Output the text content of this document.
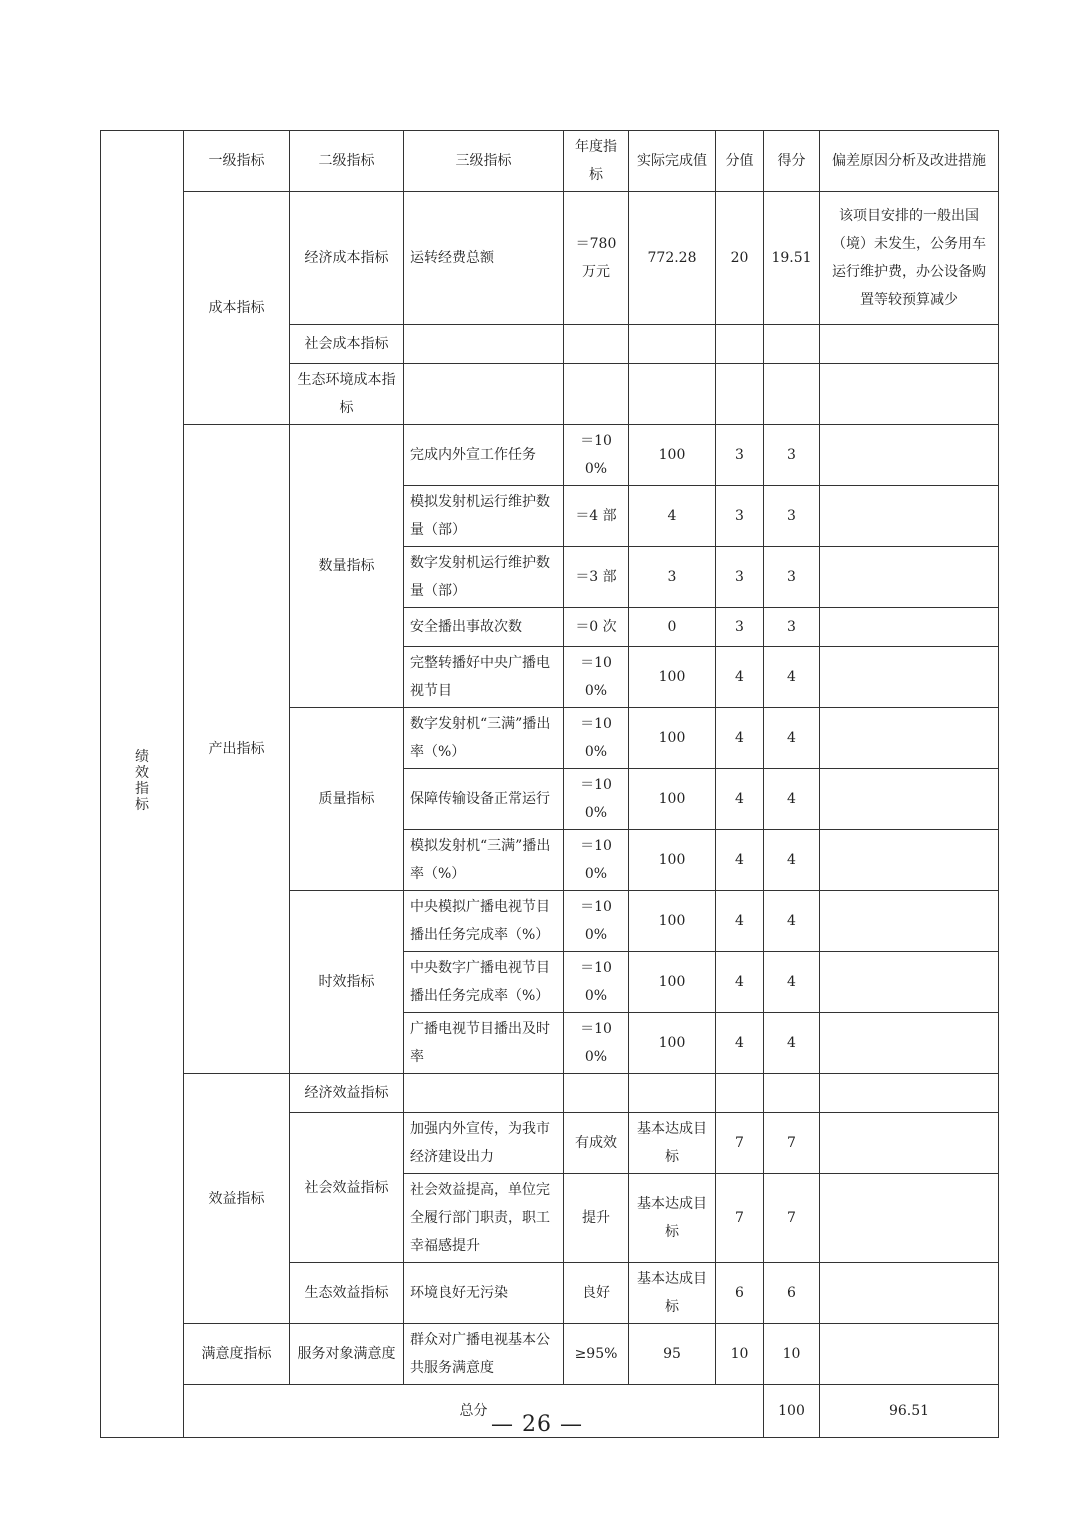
绩效指标	一级指标	二级指标	三级指标	年度指标	实际完成值	分值	得分	偏差原因分析及改进措施	
	成本指标	经济成本指标	运转经费总额	＝780万元	772.28	20	19.51	该项目安排的一般出国（境）未发生，公务用车运行维护费，办公设备购置等较预算减少	
		社会成本指标							
		生态环境成本指标							
	产出指标	数量指标	完成内外宣工作任务	＝100%	100	3	3		
			模拟发射机运行维护数量（部）	＝4 部	4	3	3		
			数字发射机运行维护数量（部）	＝3 部	3	3	3		
			安全播出事故次数	＝0 次	0	3	3		
			完整转播好中央广播电视节目	＝100%	100	4	4		
		质量指标	数字发射机“三满”播出率（%）	＝100%	100	4	4		
			保障传输设备正常运行	＝100%	100	4	4		
			模拟发射机“三满”播出率（%）	＝100%	100	4	4		
		时效指标	中央模拟广播电视节目播出任务完成率（%）	＝100%	100	4	4		
			中央数字广播电视节目播出任务完成率（%）	＝100%	100	4	4		
			广播电视节目播出及时率	＝100%	100	4	4		
	效益指标	经济效益指标							
		社会效益指标	加强内外宣传，为我市经济建设出力	有成效	基本达成目标	7	7		
			社会效益提高，单位完全履行部门职责，职工幸福感提升	提升	基本达成目标	7	7		
		生态效益指标	环境良好无污染	良好	基本达成目标	6	6		
	满意度指标	服务对象满意度	群众对广播电视基本公共服务满意度	≥95%	95	10	10		
	总分						100	96.51	
— 26 —
